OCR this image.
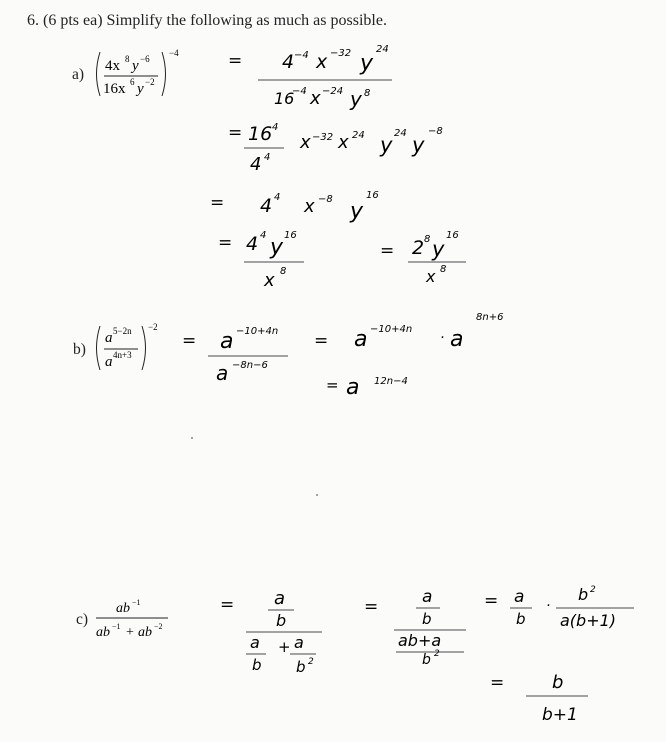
6. (6 pts ea) Simplify the following as much as possible.
a) 4x 8 y −6
16x 6 y −2
−4	= 4 −4 x −32 y
24
16
−4 x −24 y 8
= 16 4
4 4
x −32 x 24 y 24 y
−8
= 4 4 x −8 y
16
= 4 4 y 16
x 8
= 2 8 y
16
x 8
b)
a 5−2n
a 4n+3
−2
= a −10+4n
a −8n−6
= a −10+4n
· a
8n+6
= a 12n−4
c)
ab −1
ab −1 + ab −2
= a
b
a
b
+ a
b 2
=	a
b
ab+a
b 2
= a
b
·
b 2
a(b+1)
=	b
b+1
